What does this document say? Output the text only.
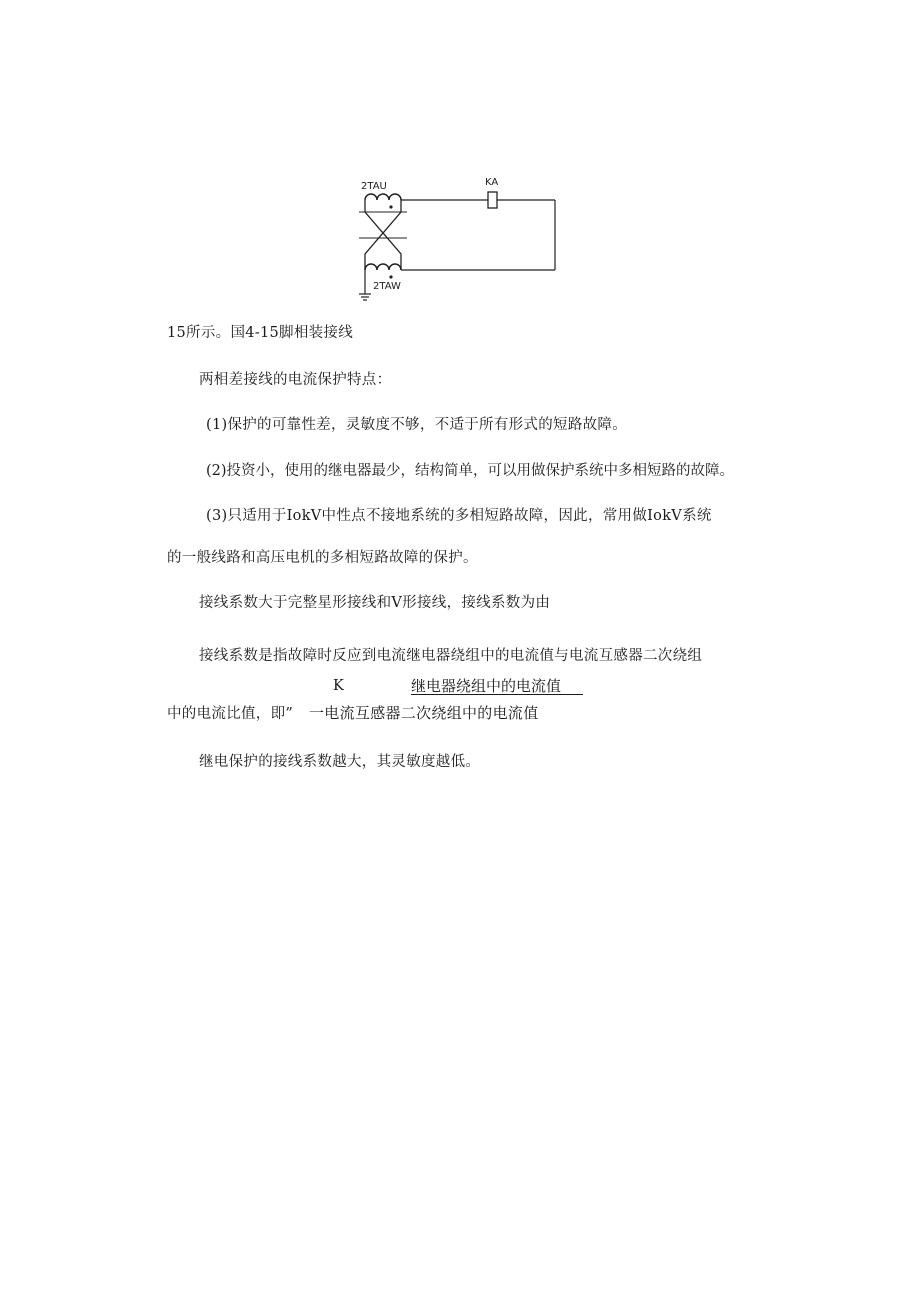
2TAU
2TAW
KA
15所示。国4-15脚相装接线
两相差接线的电流保护特点：
(1)保护的可靠性差，灵敏度不够，不适于所有形式的短路故障。
(2)投资小，使用的继电器最少，结构简单，可以用做保护系统中多相短路的故障。
(3)只适用于IokV中性点不接地系统的多相短路故障，因此，常用做IokV系统
的一般线路和高压电机的多相短路故障的保护。
接线系数大于完整星形接线和V形接线，接线系数为由
接线系数是指故障时反应到电流继电器绕组中的电流值与电流互感器二次绕组
K	继电器绕组中的电流值
中的电流比值，即” 一电流互感器二次绕组中的电流值
继电保护的接线系数越大，其灵敏度越低。
